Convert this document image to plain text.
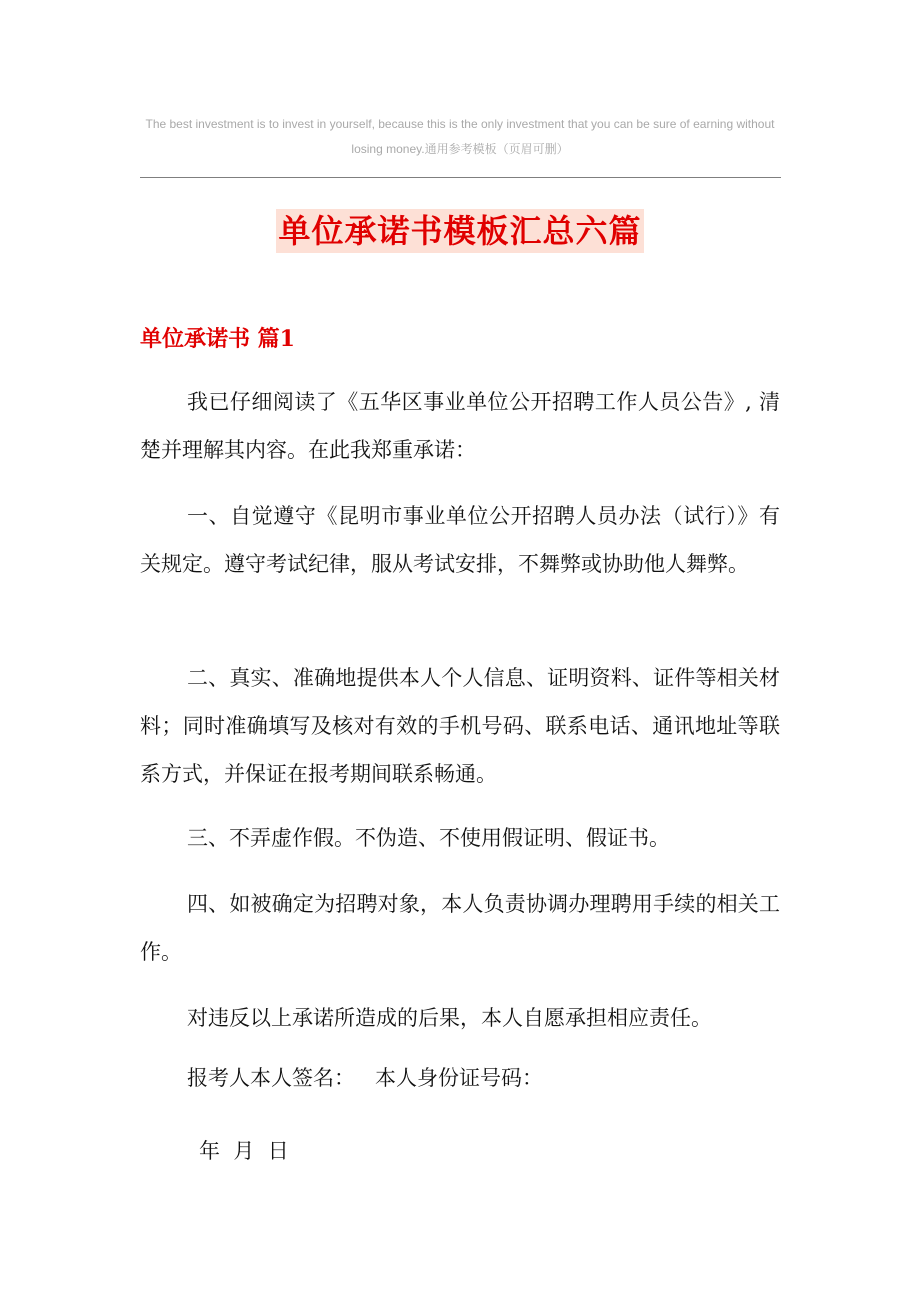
The best investment is to invest in yourself, because this is the only investment that you can be sure of earning without losing money.通用参考模板（页眉可删）
单位承诺书模板汇总六篇
单位承诺书 篇1

我已仔细阅读了《五华区事业单位公开招聘工作人员公告》, 清楚并理解其内容。在此我郑重承诺：

一、自觉遵守《昆明市事业单位公开招聘人员办法（试行）》有关规定。遵守考试纪律，服从考试安排，不舞弊或协助他人舞弊。

二、真实、准确地提供本人个人信息、证明资料、证件等相关材料；同时准确填写及核对有效的手机号码、联系电话、通讯地址等联系方式，并保证在报考期间联系畅通。

三、不弄虚作假。不伪造、不使用假证明、假证书。

四、如被确定为招聘对象，本人负责协调办理聘用手续的相关工作。

对违反以上承诺所造成的后果，本人自愿承担相应责任。

报考人本人签名：   本人身份证号码：

年  月  日
